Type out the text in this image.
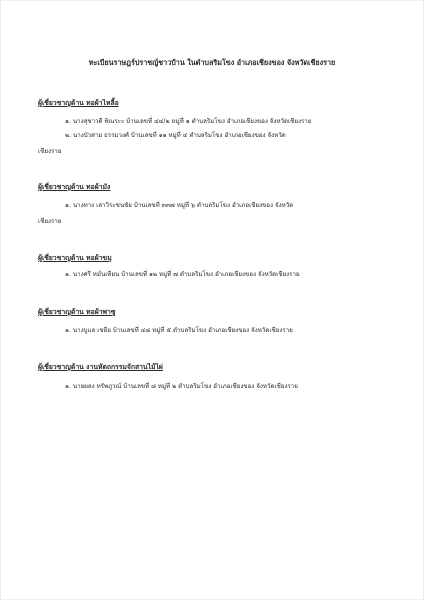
ทะเบียนราษฎร์ปราชญ์ชาวบ้าน ในตำบลริมโขง อำเภอเชียงของ จังหวัดเชียงราย
ผู้เชี่ยวชาญด้าน ทอผ้าไหลี้อ
๑. นางสุชาวดี พิณระะ บ้านเลขที่ ๔๔/๒ หมู่ที่ ๑ ตำบลริมโขง อำเภอเชียงของ จังหวัดเชียงราย
๒. นางบัวสาย ธรรมวงศ์ บ้านเลขที่ ๑๑ หมู่ที่ ๔ ตำบลริมโขง อำเภอเชียงของ จังหวัด
เชียงราย
ผู้เชี่ยวชาญด้าน ทอผ้ามัง
๑. นางทาง เล่าวิระชนชัย บ้านเลขที่ ๓๓๗ หมู่ที่ ๖ ตำบลริมโขง อำเภอเชียงของ จังหวัด
เชียงราย
ผู้เชี่ยวชาญด้าน ทอผ้าขมุ
๑. นางศรี หมั่นเทียน บ้านเลขที่ ๑๒ หมู่ที่ ๗ ตำบลริมโขง อำเภอเชียงของ จังหวัดเชียงราย
ผู้เชี่ยวชาญด้าน ทอผ้าพาซู
๑. นางบูแล เชยีอ บ้านเลขที่ ๔๘ หมู่ที่ ๕ ตำบลริมโขง อำเภอเชียงของ จังหวัดเชียงราย
ผู้เชี่ยวชาญด้าน งานหัตถกรรมจักสานไม้ไผ่
๑. นายผลง ทรัพภูวณ์ บ้านเลขที่ ๘ หมู่ที่ ๒ ตำบลริมโขง อำเภอเชียงของ จังหวัดเชียงราย
